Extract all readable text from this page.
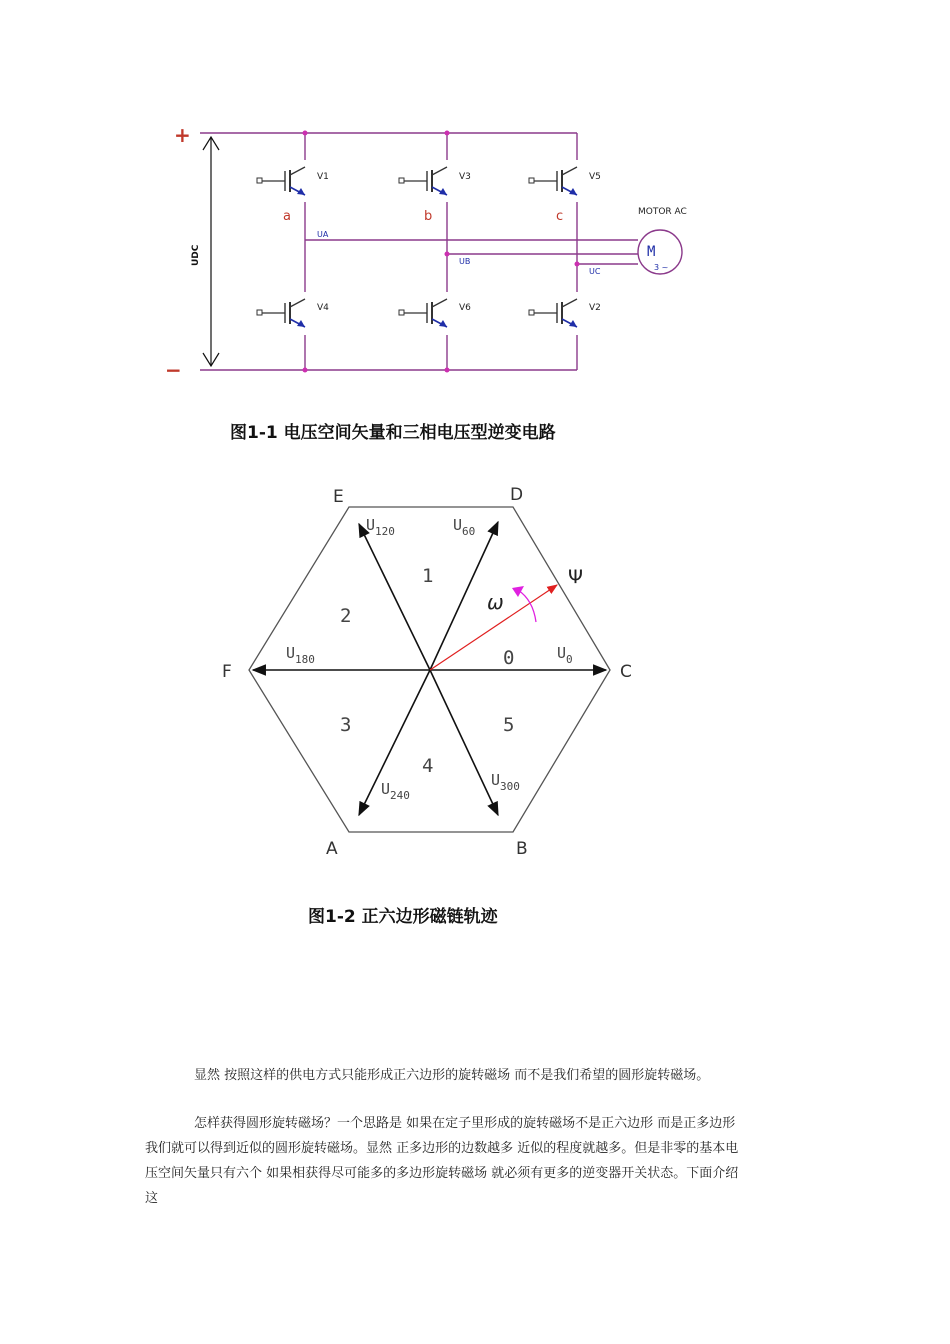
+
−
UDC
V1	V3	V5
V4	V6	V2
a	b	c
UA
UB
UC
MOTOR AC
M
3 ~
图1-1 电压空间矢量和三相电压型逆变电路
E	D
F	C
A	B
0
1
2
3
4
5
$U_0$
$U_{60}$
$U_{120}$
$U_{180}$
$U_{240}$
$U_{300}$
Ψ
ω
图1-2 正六边形磁链轨迹

显然 按照这样的供电方式只能形成正六边形的旋转磁场 而不是我们希望的圆形旋转磁场。

怎样获得圆形旋转磁场？一个思路是 如果在定子里形成的旋转磁场不是正六边形 而是正多边形

我们就可以得到近似的圆形旋转磁场。显然 正多边形的边数越多 近似的程度就越多。但是非零的基本电

压空间矢量只有六个 如果相获得尽可能多的多边形旋转磁场 就必须有更多的逆变器开关状态。下面介绍

这
